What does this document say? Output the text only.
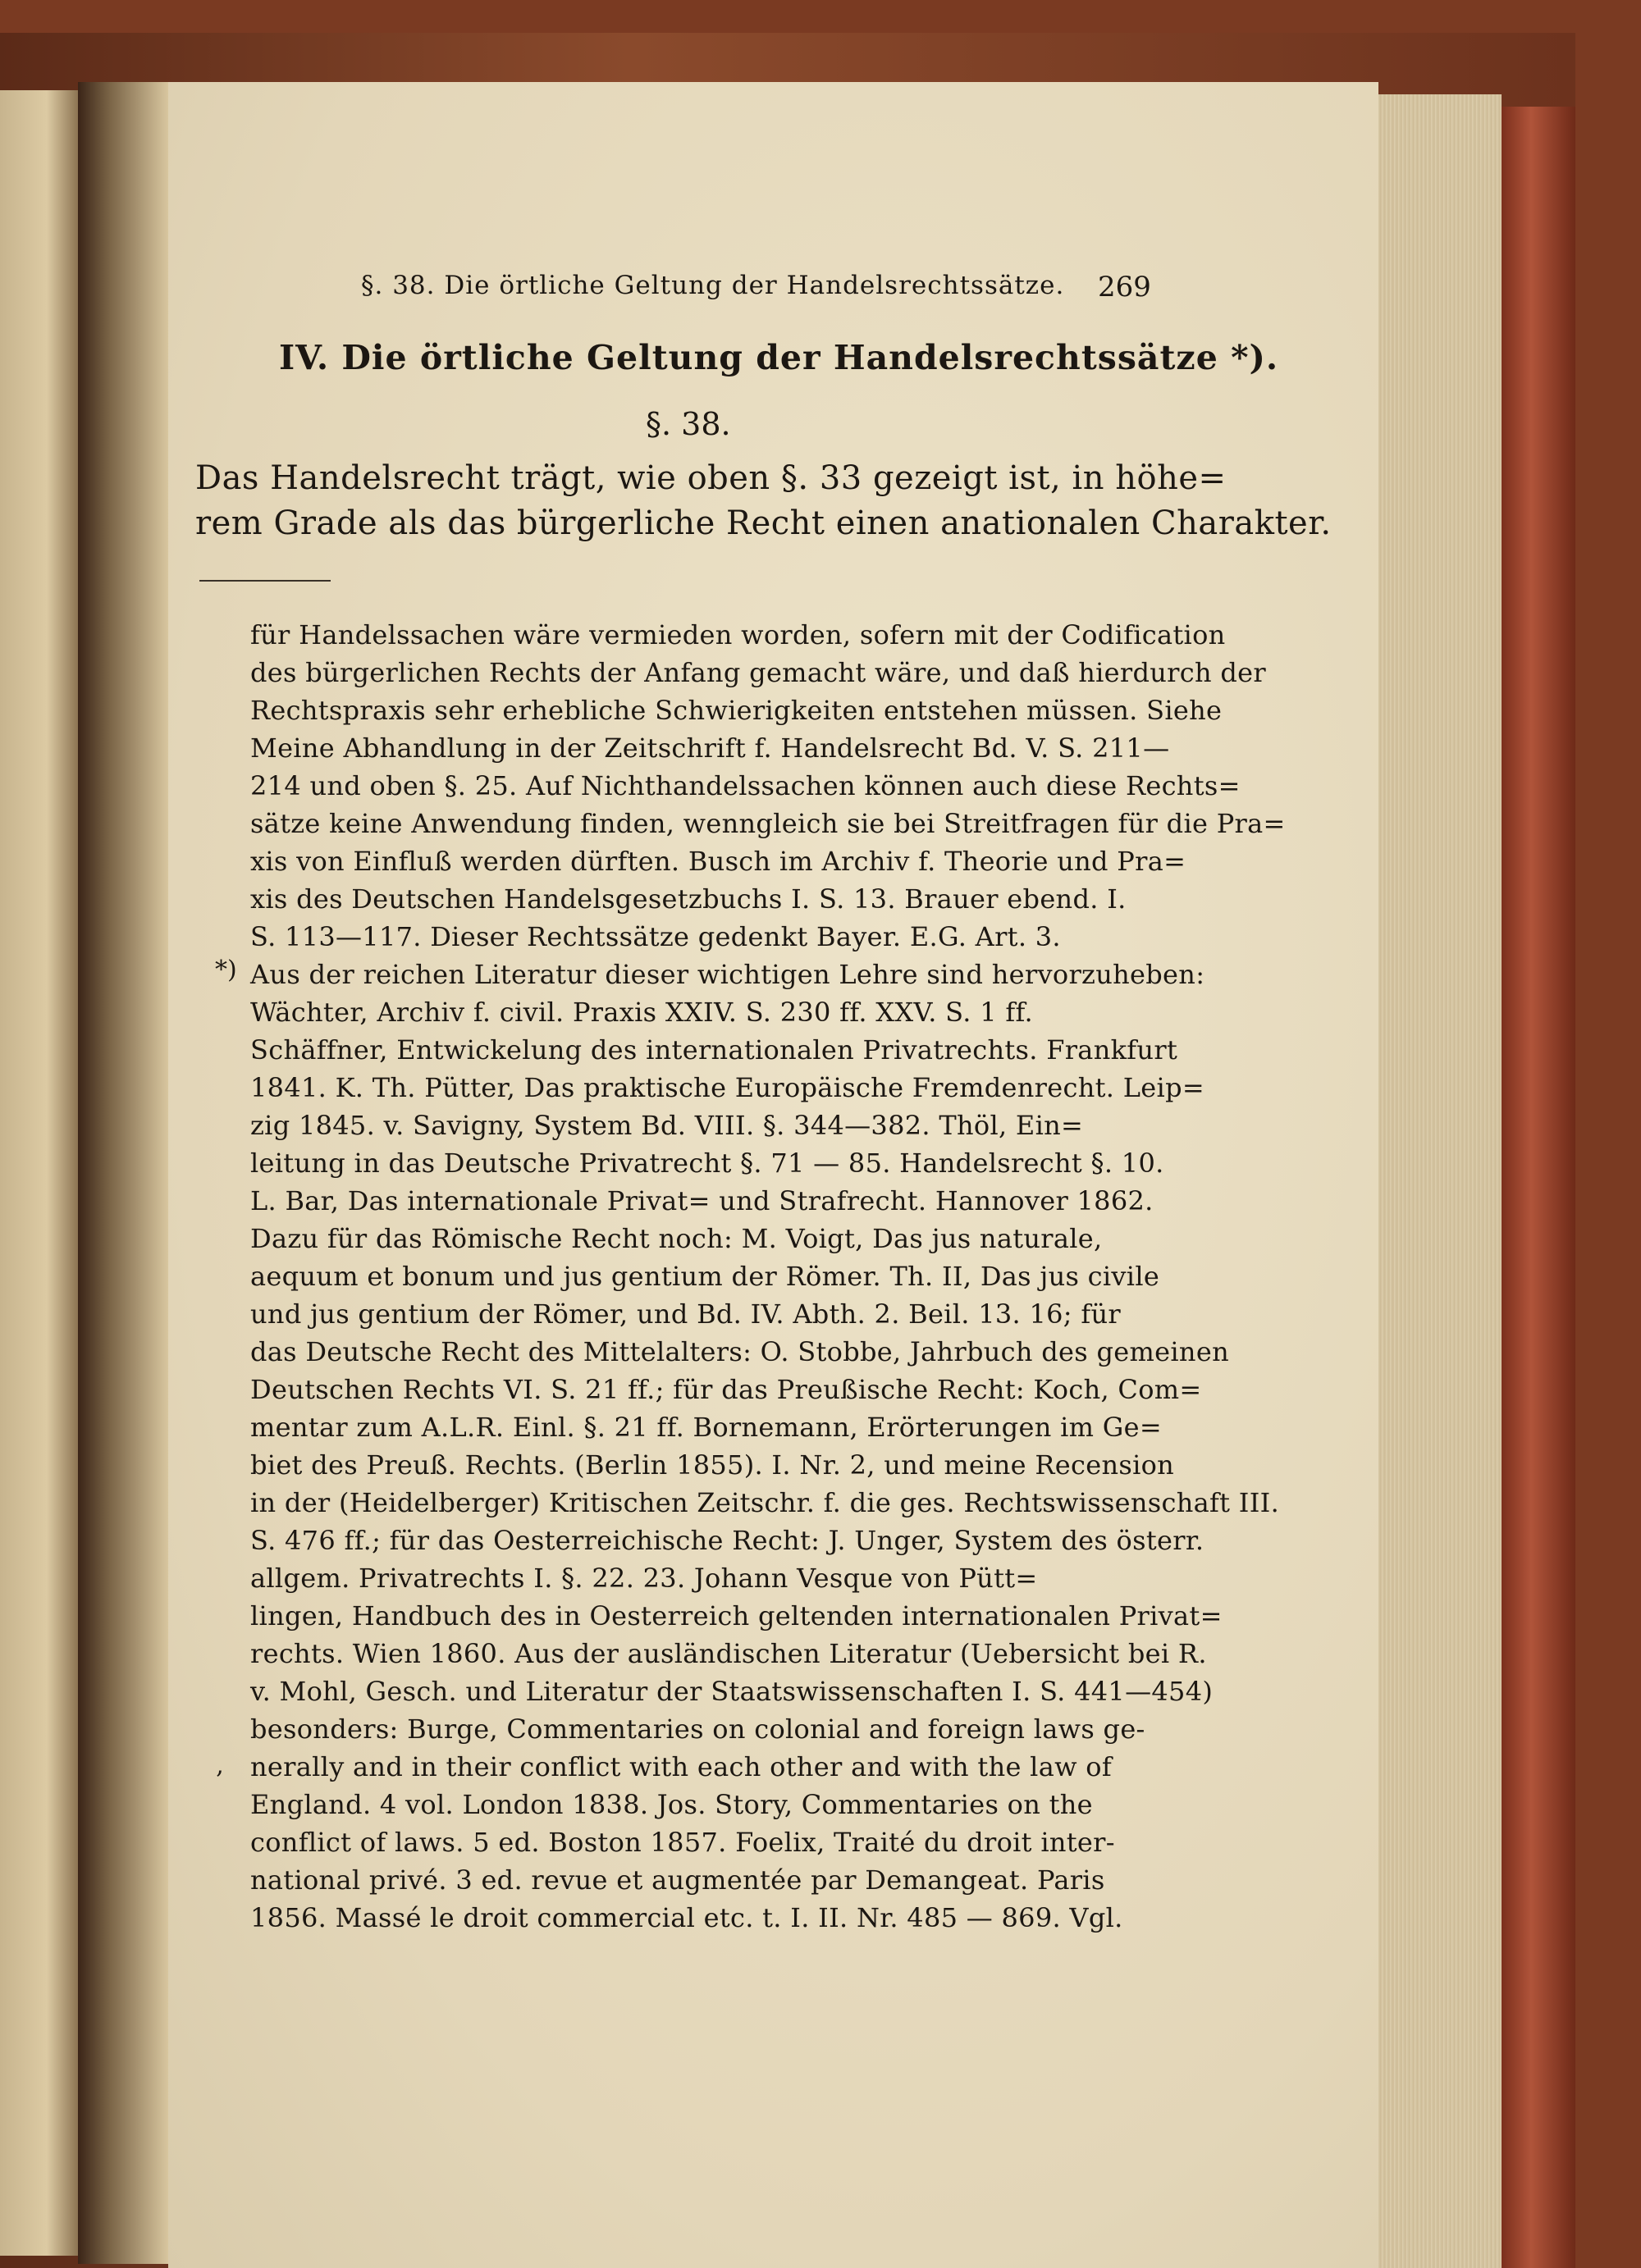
§. 38. Die örtliche Geltung der Handelsrechtssätze. 269
IV. Die örtliche Geltung der Handelsrechtssätze *).
§. 38.
Das Handelsrecht trägt, wie oben §. 33 gezeigt ist, in höhe=
rem Grade als das bürgerliche Recht einen anationalen Charakter.
*)
‚
für Handelssachen wäre vermieden worden, sofern mit der Codification
des bürgerlichen Rechts der Anfang gemacht wäre, und daß hierdurch der
Rechtspraxis sehr erhebliche Schwierigkeiten entstehen müssen. Siehe
Meine Abhandlung in der Zeitschrift f. Handelsrecht Bd. V. S. 211—
214 und oben §. 25. Auf Nichthandelssachen können auch diese Rechts=
sätze keine Anwendung finden, wenngleich sie bei Streitfragen für die Pra=
xis von Einfluß werden dürften. Busch im Archiv f. Theorie und Pra=
xis des Deutschen Handelsgesetzbuchs I. S. 13. Brauer ebend. I.
S. 113—117. Dieser Rechtssätze gedenkt Bayer. E.G. Art. 3.
Aus der reichen Literatur dieser wichtigen Lehre sind hervorzuheben:
Wächter, Archiv f. civil. Praxis XXIV. S. 230 ff. XXV. S. 1 ff.
Schäffner, Entwickelung des internationalen Privatrechts. Frankfurt
1841. K. Th. Pütter, Das praktische Europäische Fremdenrecht. Leip=
zig 1845. v. Savigny, System Bd. VIII. §. 344—382. Thöl, Ein=
leitung in das Deutsche Privatrecht §. 71 — 85. Handelsrecht §. 10.
L. Bar, Das internationale Privat= und Strafrecht. Hannover 1862.
Dazu für das Römische Recht noch: M. Voigt, Das jus naturale,
aequum et bonum und jus gentium der Römer. Th. II, Das jus civile
und jus gentium der Römer, und Bd. IV. Abth. 2. Beil. 13. 16; für
das Deutsche Recht des Mittelalters: O. Stobbe, Jahrbuch des gemeinen
Deutschen Rechts VI. S. 21 ff.; für das Preußische Recht: Koch, Com=
mentar zum A.L.R. Einl. §. 21 ff. Bornemann, Erörterungen im Ge=
biet des Preuß. Rechts. (Berlin 1855). I. Nr. 2, und meine Recension
in der (Heidelberger) Kritischen Zeitschr. f. die ges. Rechtswissenschaft III.
S. 476 ff.; für das Oesterreichische Recht: J. Unger, System des österr.
allgem. Privatrechts I. §. 22. 23. Johann Vesque von Pütt=
lingen, Handbuch des in Oesterreich geltenden internationalen Privat=
rechts. Wien 1860. Aus der ausländischen Literatur (Uebersicht bei R.
v. Mohl, Gesch. und Literatur der Staatswissenschaften I. S. 441—454)
besonders: Burge, Commentaries on colonial and foreign laws ge-
nerally and in their conflict with each other and with the law of
England. 4 vol. London 1838. Jos. Story, Commentaries on the
conflict of laws. 5 ed. Boston 1857. Foelix, Traité du droit inter-
national privé. 3 ed. revue et augmentée par Demangeat. Paris
1856. Massé le droit commercial etc. t. I. II. Nr. 485 — 869. Vgl.
